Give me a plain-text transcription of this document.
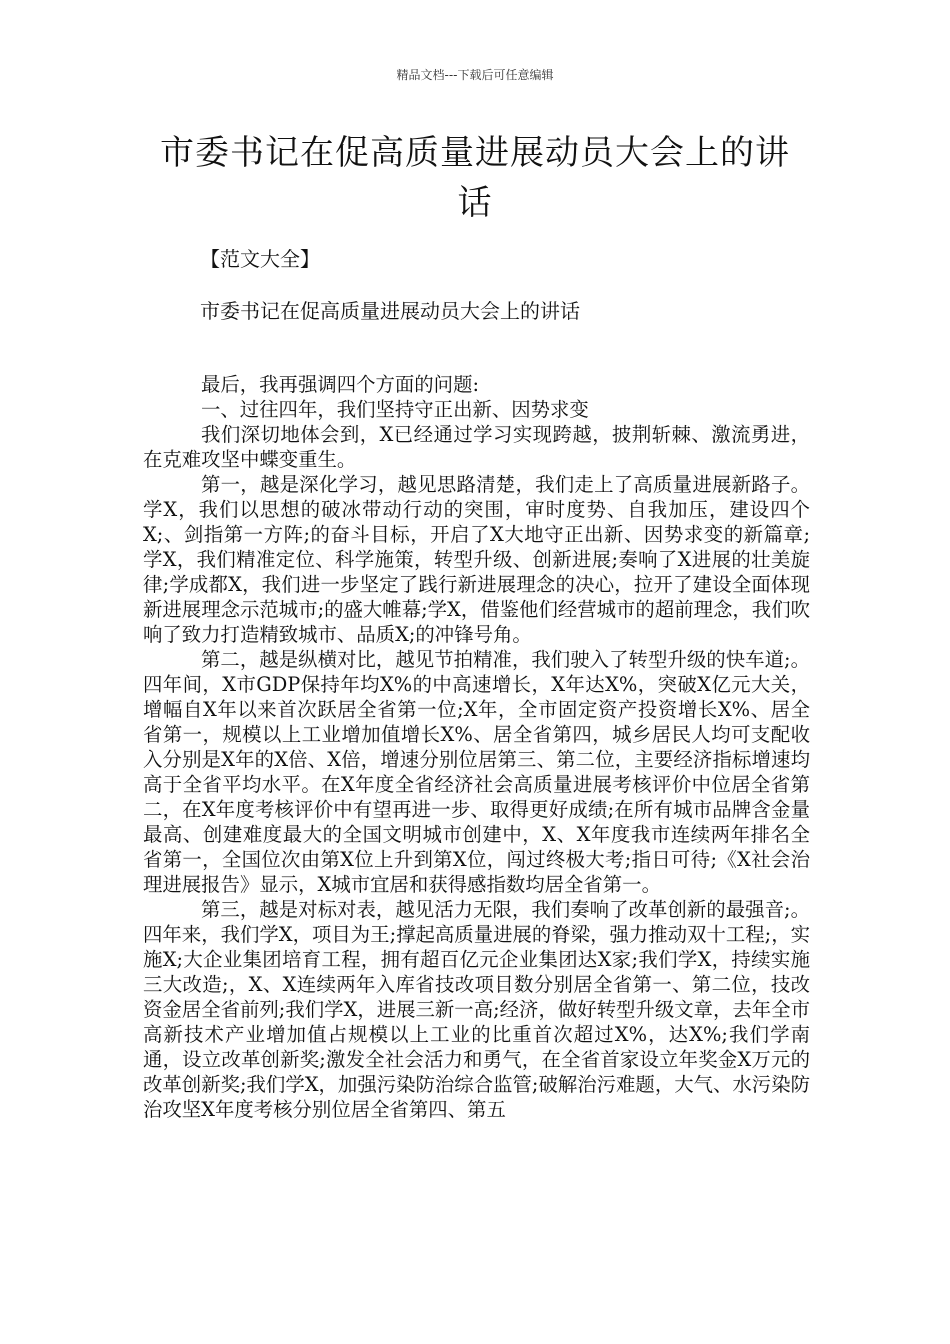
精品文档---下载后可任意编辑
市委书记在促高质量进展动员大会上的讲话
【范文大全】
市委书记在促高质量进展动员大会上的讲话

最后，我再强调四个方面的问题:

一、过往四年，我们坚持守正出新、因势求变

我们深切地体会到，X已经通过学习实现跨越，披荆斩棘、激流勇进，在克难攻坚中蝶变重生。

第一，越是深化学习，越见思路清楚，我们走上了高质量进展新路子。学X，我们以思想的破冰带动行动的突围，审时度势、自我加压，建设四个X;、剑指第一方阵;的奋斗目标，开启了X大地守正出新、因势求变的新篇章;学X，我们精准定位、科学施策，转型升级、创新进展;奏响了X进展的壮美旋律;学成都X，我们进一步坚定了践行新进展理念的决心，拉开了建设全面体现新进展理念示范城市;的盛大帷幕;学X，借鉴他们经营城市的超前理念，我们吹响了致力打造精致城市、品质X;的冲锋号角。

第二，越是纵横对比，越见节拍精准，我们驶入了转型升级的快车道;。四年间，X市GDP保持年均X%的中高速增长，X年达X%，突破X亿元大关，增幅自X年以来首次跃居全省第一位;X年，全市固定资产投资增长X%、居全省第一，规模以上工业增加值增长X%、居全省第四，城乡居民人均可支配收入分别是X年的X倍、X倍，增速分别位居第三、第二位，主要经济指标增速均高于全省平均水平。在X年度全省经济社会高质量进展考核评价中位居全省第二，在X年度考核评价中有望再进一步、取得更好成绩;在所有城市品牌含金量最高、创建难度最大的全国文明城市创建中，X、X年度我市连续两年排名全省第一，全国位次由第X位上升到第X位，闯过终极大考;指日可待;《X社会治理进展报告》显示，X城市宜居和获得感指数均居全省第一。

第三，越是对标对表，越见活力无限，我们奏响了改革创新的最强音;。四年来，我们学X，项目为王;撑起高质量进展的脊梁，强力推动双十工程;，实施X;大企业集团培育工程，拥有超百亿元企业集团达X家;我们学X，持续实施三大改造;，X、X连续两年入库省技改项目数分别居全省第一、第二位，技改资金居全省前列;我们学X，进展三新一高;经济，做好转型升级文章，去年全市高新技术产业增加值占规模以上工业的比重首次超过X%，达X%;我们学南通，设立改革创新奖;激发全社会活力和勇气，在全省首家设立年奖金X万元的改革创新奖;我们学X，加强污染防治综合监管;破解治污难题，大气、水污染防治攻坚X年度考核分别位居全省第四、第五
